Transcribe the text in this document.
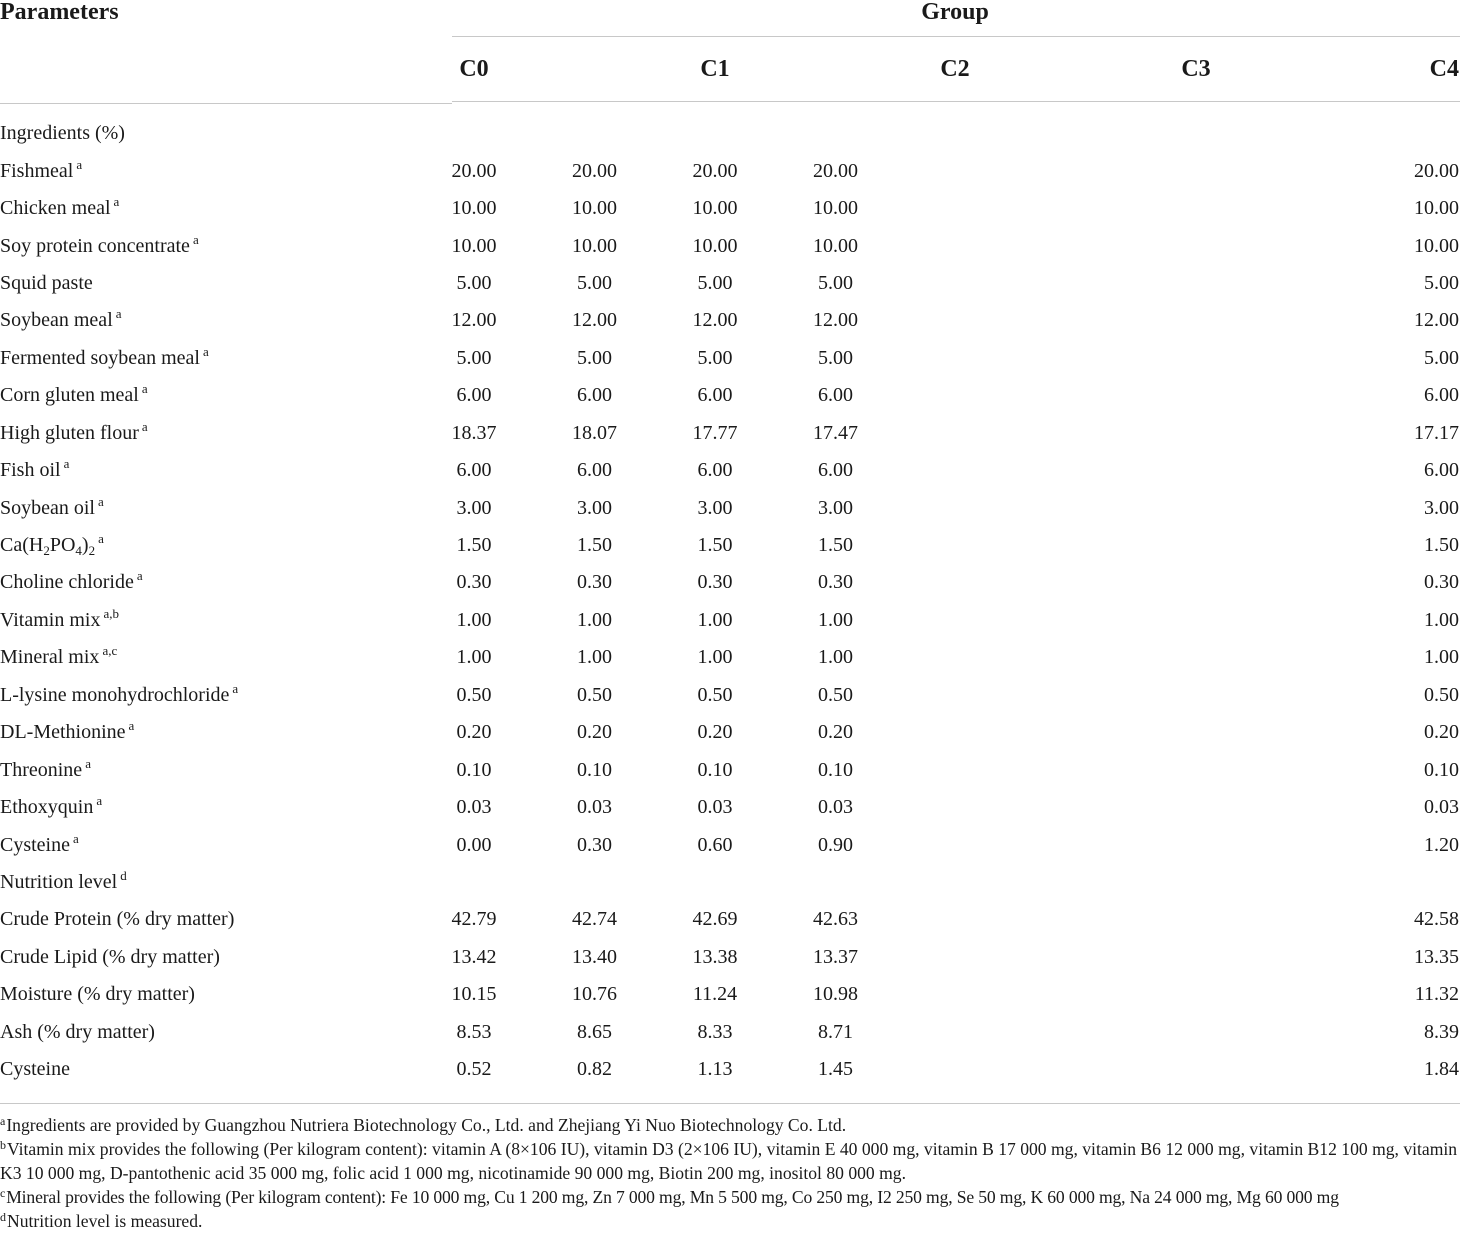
Parameters	Group
C0	C1	C2	C3	C4
Ingredients (%)						
Fishmeal $^a$	20.00	20.00	20.00	20.00		20.00
Chicken meal $^a$	10.00	10.00	10.00	10.00		10.00
Soy protein concentrate $^a$	10.00	10.00	10.00	10.00		10.00
Squid paste	5.00	5.00	5.00	5.00		5.00
Soybean meal $^a$	12.00	12.00	12.00	12.00		12.00
Fermented soybean meal $^a$	5.00	5.00	5.00	5.00		5.00
Corn gluten meal $^a$	6.00	6.00	6.00	6.00		6.00
High gluten flour $^a$	18.37	18.07	17.77	17.47		17.17
Fish oil $^a$	6.00	6.00	6.00	6.00		6.00
Soybean oil $^a$	3.00	3.00	3.00	3.00		3.00
$Ca(H_2PO_4)_2^a$	1.50	1.50	1.50	1.50		1.50
Choline chloride $^a$	0.30	0.30	0.30	0.30		0.30
Vitamin mix $^{a,b}$	1.00	1.00	1.00	1.00		1.00
Mineral mix $^{a,c}$	1.00	1.00	1.00	1.00		1.00
L-lysine monohydrochloride $^a$	0.50	0.50	0.50	0.50		0.50
DL-Methionine $^a$	0.20	0.20	0.20	0.20		0.20
Threonine $^a$	0.10	0.10	0.10	0.10		0.10
Ethoxyquin $^a$	0.03	0.03	0.03	0.03		0.03
Cysteine $^a$	0.00	0.30	0.60	0.90		1.20
Nutrition level $^d$						
Crude Protein (% dry matter)	42.79	42.74	42.69	42.63		42.58
Crude Lipid (% dry matter)	13.42	13.40	13.38	13.37		13.35
Moisture (% dry matter)	10.15	10.76	11.24	10.98		11.32
Ash (% dry matter)	8.53	8.65	8.33	8.71		8.39
Cysteine	0.52	0.82	1.13	1.45		1.84

$^a$Ingredients are provided by Guangzhou Nutriera Biotechnology Co., Ltd. and Zhejiang Yi Nuo Biotechnology Co. Ltd.

$^b$Vitamin mix provides the following (Per kilogram content): vitamin A (8×106 IU), vitamin D3 (2×106 IU), vitamin E 40 000 mg, vitamin B 17 000 mg, vitamin B6 12 000 mg, vitamin B12 100 mg, vitamin K3 10 000 mg, D-pantothenic acid 35 000 mg, folic acid 1 000 mg, nicotinamide 90 000 mg, Biotin 200 mg, inositol 80 000 mg.

$^c$Mineral provides the following (Per kilogram content): Fe 10 000 mg, Cu 1 200 mg, Zn 7 000 mg, Mn 5 500 mg, Co 250 mg, I2 250 mg, Se 50 mg, K 60 000 mg, Na 24 000 mg, Mg 60 000 mg

$^d$Nutrition level is measured.
